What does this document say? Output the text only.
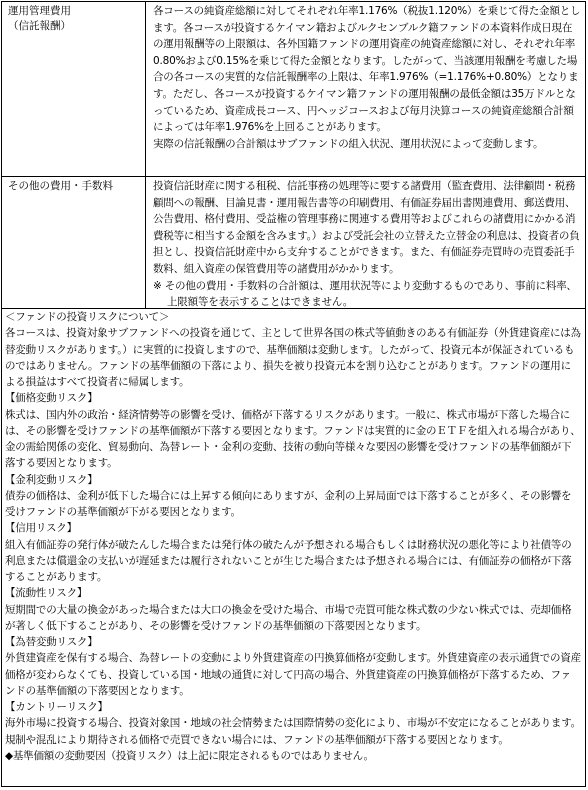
運用管理費用
（信託報酬）

各コースの純資産総額に対してそれぞれ年率1.176%（税抜1.120%）を乗じて得た金額とします。各コースが投資するケイマン籍およびルクセンブルク籍ファンドの本資料作成日現在の運用報酬等の上限額は、各外国籍ファンドの運用資産の純資産総額に対し、それぞれ年率0.80%および0.15%を乗じて得た金額となります。したがって、当該運用報酬を考慮した場合の各コースの実質的な信託報酬率の上限は、年率1.976%（=1.176%+0.80%）となります。ただし、各コースが投資するケイマン籍ファンドの運用報酬の最低金額は35万ドルとなっているため、資産成長コース、円ヘッジコースおよび毎月決算コースの純資産総額合計額によっては年率1.976%を上回ることがあります。

実際の信託報酬の合計額はサブファンドの組入状況、運用状況によって変動します。

その他の費用・手数料	投資信託財産に関する租税、信託事務の処理等に要する諸費用（監査費用、法律顧問・税務顧問への報酬、目論見書・運用報告書等の印刷費用、有価証券届出書関連費用、郵送費用、公告費用、格付費用、受益権の管理事務に関連する費用等およびこれらの諸費用にかかる消費税等に相当する金額を含みます。）および受託会社の立替えた立替金の利息は、投資者の負担とし、投資信託財産中から支弁することができます。また、有価証券売買時の売買委託手数料、組入資産の保管費用等の諸費用がかかります。

※ その他の費用・手数料の合計額は、運用状況等により変動するものであり、事前に料率、上限額等を表示することはできません。

＜ファンドの投資リスクについて＞

各コースは、投資対象サブファンドへの投資を通じて、主として世界各国の株式等値動きのある有価証券（外貨建資産には為替変動リスクがあります。）に実質的に投資しますので、基準価額は変動します。したがって、投資元本が保証されているものではありません。ファンドの基準価額の下落により、損失を被り投資元本を割り込むことがあります。ファンドの運用による損益はすべて投資者に帰属します。

【価格変動リスク】

株式は、国内外の政治・経済情勢等の影響を受け、価格が下落するリスクがあります。一般に、株式市場が下落した場合には、その影響を受けファンドの基準価額が下落する要因となります。ファンドは実質的に金のＥＴＦを組入れる場合があり、金の需給関係の変化、貿易動向、為替レート・金利の変動、技術の動向等様々な要因の影響を受けファンドの基準価額が下落する要因となります。

【金利変動リスク】

債券の価格は、金利が低下した場合には上昇する傾向にありますが、金利の上昇局面では下落することが多く、その影響を受けファンドの基準価額が下がる要因となります。

【信用リスク】

組入有価証券の発行体が破たんした場合または発行体の破たんが予想される場合もしくは財務状況の悪化等により社債等の利息または償還金の支払いが遅延または履行されないことが生じた場合または予想される場合には、有価証券の価格が下落することがあります。

【流動性リスク】

短期間での大量の換金があった場合または大口の換金を受けた場合、市場で売買可能な株式数の少ない株式では、売却価格が著しく低下することがあり、その影響を受けファンドの基準価額の下落要因となります。

【為替変動リスク】

外貨建資産を保有する場合、為替レートの変動により外貨建資産の円換算価格が変動します。外貨建資産の表示通貨での資産価格が変わらなくても、投資している国・地域の通貨に対して円高の場合、外貨建資産の円換算価格が下落するため、ファンドの基準価額の下落要因となります。

【カントリーリスク】

海外市場に投資する場合、投資対象国・地域の社会情勢または国際情勢の変化により、市場が不安定になることがあります。規制や混乱により期待される価格で売買できない場合には、ファンドの基準価額が下落する要因となります。

◆基準価額の変動要因（投資リスク）は上記に限定されるものではありません。
